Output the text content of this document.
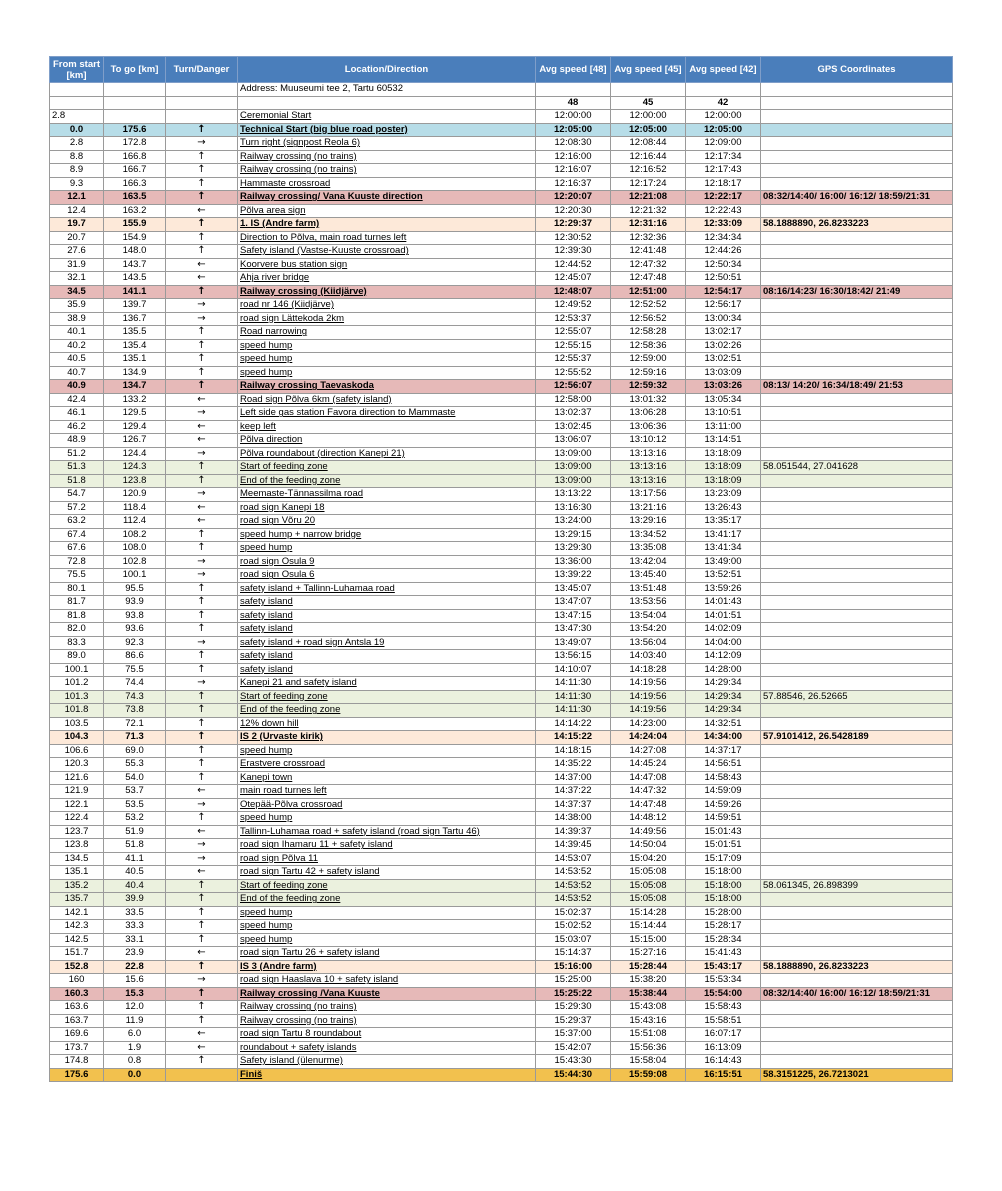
From start [km]	To go [km]	Turn/Danger	Location/Direction	Avg speed [48]	Avg speed [45]	Avg speed [42]	GPS Coordinates
			Address: Muuseumi tee 2, Tartu 60532				
				48	45	42	
2.8			Ceremonial Start	12:00:00	12:00:00	12:00:00	
0.0	175.6	↑	Technical Start (big blue road poster)	12:05:00	12:05:00	12:05:00	
2.8	172.8	→	Turn right (signpost Reola 6)	12:08:30	12:08:44	12:09:00	
8.8	166.8	↑	Railway crossing (no trains)	12:16:00	12:16:44	12:17:34	
8.9	166.7	↑	Railway crossing (no trains)	12:16:07	12:16:52	12:17:43	
9.3	166.3	↑	Hammaste crossroad	12:16:37	12:17:24	12:18:17	
12.1	163.5	↑	Railway crossing/ Vana Kuuste direction	12:20:07	12:21:08	12:22:17	08:32/14:40/ 16:00/ 16:12/ 18:59/21:31
12.4	163.2	←	Põlva area sign	12:20:30	12:21:32	12:22:43	
19.7	155.9	↑	1. IS (Andre farm)	12:29:37	12:31:16	12:33:09	58.1888890, 26.8233223
20.7	154.9	↑	Direction to Põlva, main road turnes left	12:30:52	12:32:36	12:34:34	
27.6	148.0	↑	Safety island (Vastse-Kuuste crossroad)	12:39:30	12:41:48	12:44:26	
31.9	143.7	←	Koorvere bus station sign	12:44:52	12:47:32	12:50:34	
32.1	143.5	←	Ahja river bridge	12:45:07	12:47:48	12:50:51	
34.5	141.1	↑	Railway crossing (Kiidjärve)	12:48:07	12:51:00	12:54:17	08:16/14:23/ 16:30/18:42/ 21:49
35.9	139.7	→	road nr 146 (Kiidjärve)	12:49:52	12:52:52	12:56:17	
38.9	136.7	→	road sign Lättekoda 2km	12:53:37	12:56:52	13:00:34	
40.1	135.5	↑	Road narrowing	12:55:07	12:58:28	13:02:17	
40.2	135.4	↑	speed hump	12:55:15	12:58:36	13:02:26	
40.5	135.1	↑	speed hump	12:55:37	12:59:00	13:02:51	
40.7	134.9	↑	speed hump	12:55:52	12:59:16	13:03:09	
40.9	134.7	↑	Railway crossing Taevaskoda	12:56:07	12:59:32	13:03:26	08:13/ 14:20/ 16:34/18:49/ 21:53
42.4	133.2	←	Road sign Põlva 6km (safety island)	12:58:00	13:01:32	13:05:34	
46.1	129.5	→	Left side gas station Favora direction to Mammaste	13:02:37	13:06:28	13:10:51	
46.2	129.4	←	keep left	13:02:45	13:06:36	13:11:00	
48.9	126.7	←	Põlva direction	13:06:07	13:10:12	13:14:51	
51.2	124.4	→	Põlva roundabout (direction Kanepi 21)	13:09:00	13:13:16	13:18:09	
51.3	124.3	↑	Start of feeding zone	13:09:00	13:13:16	13:18:09	58.051544, 27.041628
51.8	123.8	↑	End of the feeding zone	13:09:00	13:13:16	13:18:09	
54.7	120.9	→	Meemaste-Tännassilma road	13:13:22	13:17:56	13:23:09	
57.2	118.4	←	road sign Kanepi 18	13:16:30	13:21:16	13:26:43	
63.2	112.4	←	road sign Võru 20	13:24:00	13:29:16	13:35:17	
67.4	108.2	↑	speed hump + narrow bridge	13:29:15	13:34:52	13:41:17	
67.6	108.0	↑	speed hump	13:29:30	13:35:08	13:41:34	
72.8	102.8	→	road sign Osula 9	13:36:00	13:42:04	13:49:00	
75.5	100.1	→	road sign Osula 6	13:39:22	13:45:40	13:52:51	
80.1	95.5	↑	safety island + Tallinn-Luhamaa road	13:45:07	13:51:48	13:59:26	
81.7	93.9	↑	safety island	13:47:07	13:53:56	14:01:43	
81.8	93.8	↑	safety island	13:47:15	13:54:04	14:01:51	
82.0	93.6	↑	safety island	13:47:30	13:54:20	14:02:09	
83.3	92.3	→	safety island + road sign Antsla 19	13:49:07	13:56:04	14:04:00	
89.0	86.6	↑	safety island	13:56:15	14:03:40	14:12:09	
100.1	75.5	↑	safety island	14:10:07	14:18:28	14:28:00	
101.2	74.4	→	Kanepi 21 and safety island	14:11:30	14:19:56	14:29:34	
101.3	74.3	↑	Start of feeding zone	14:11:30	14:19:56	14:29:34	57.88546, 26.52665
101.8	73.8	↑	End of the feeding zone	14:11:30	14:19:56	14:29:34	
103.5	72.1	↑	12% down hill	14:14:22	14:23:00	14:32:51	
104.3	71.3	↑	IS 2 (Urvaste kirik)	14:15:22	14:24:04	14:34:00	57.9101412, 26.5428189
106.6	69.0	↑	speed hump	14:18:15	14:27:08	14:37:17	
120.3	55.3	↑	Erastvere crossroad	14:35:22	14:45:24	14:56:51	
121.6	54.0	↑	Kanepi town	14:37:00	14:47:08	14:58:43	
121.9	53.7	←	main road turnes left	14:37:22	14:47:32	14:59:09	
122.1	53.5	→	Otepää-Põlva crossroad	14:37:37	14:47:48	14:59:26	
122.4	53.2	↑	speed hump	14:38:00	14:48:12	14:59:51	
123.7	51.9	←	Tallinn-Luhamaa road + safety island (road sign Tartu 46)	14:39:37	14:49:56	15:01:43	
123.8	51.8	→	road sign Ihamaru 11 + safety island	14:39:45	14:50:04	15:01:51	
134.5	41.1	→	road sign Põlva 11	14:53:07	15:04:20	15:17:09	
135.1	40.5	←	road sign Tartu 42 + safety island	14:53:52	15:05:08	15:18:00	
135.2	40.4	↑	Start of feeding zone	14:53:52	15:05:08	15:18:00	58.061345, 26.898399
135.7	39.9	↑	End of the feeding zone	14:53:52	15:05:08	15:18:00	
142.1	33.5	↑	speed hump	15:02:37	15:14:28	15:28:00	
142.3	33.3	↑	speed hump	15:02:52	15:14:44	15:28:17	
142.5	33.1	↑	speed hump	15:03:07	15:15:00	15:28:34	
151.7	23.9	←	road sign Tartu 26 + safety island	15:14:37	15:27:16	15:41:43	
152.8	22.8	↑	IS 3 (Andre farm)	15:16:00	15:28:44	15:43:17	58.1888890, 26.8233223
160	15.6	→	road sign Haaslava 10 + safety island	15:25:00	15:38:20	15:53:34	
160.3	15.3	↑	Railway crossing /Vana Kuuste	15:25:22	15:38:44	15:54:00	08:32/14:40/ 16:00/ 16:12/ 18:59/21:31
163.6	12.0	↑	Railway crossing (no trains)	15:29:30	15:43:08	15:58:43	
163.7	11.9	↑	Railway crossing (no trains)	15:29:37	15:43:16	15:58:51	
169.6	6.0	←	road sign Tartu 8 roundabout	15:37:00	15:51:08	16:07:17	
173.7	1.9	←	roundabout + safety islands	15:42:07	15:56:36	16:13:09	
174.8	0.8	↑	Safety island (ülenurme)	15:43:30	15:58:04	16:14:43	
175.6	0.0		Finiš	15:44:30	15:59:08	16:15:51	58.3151225, 26.7213021
